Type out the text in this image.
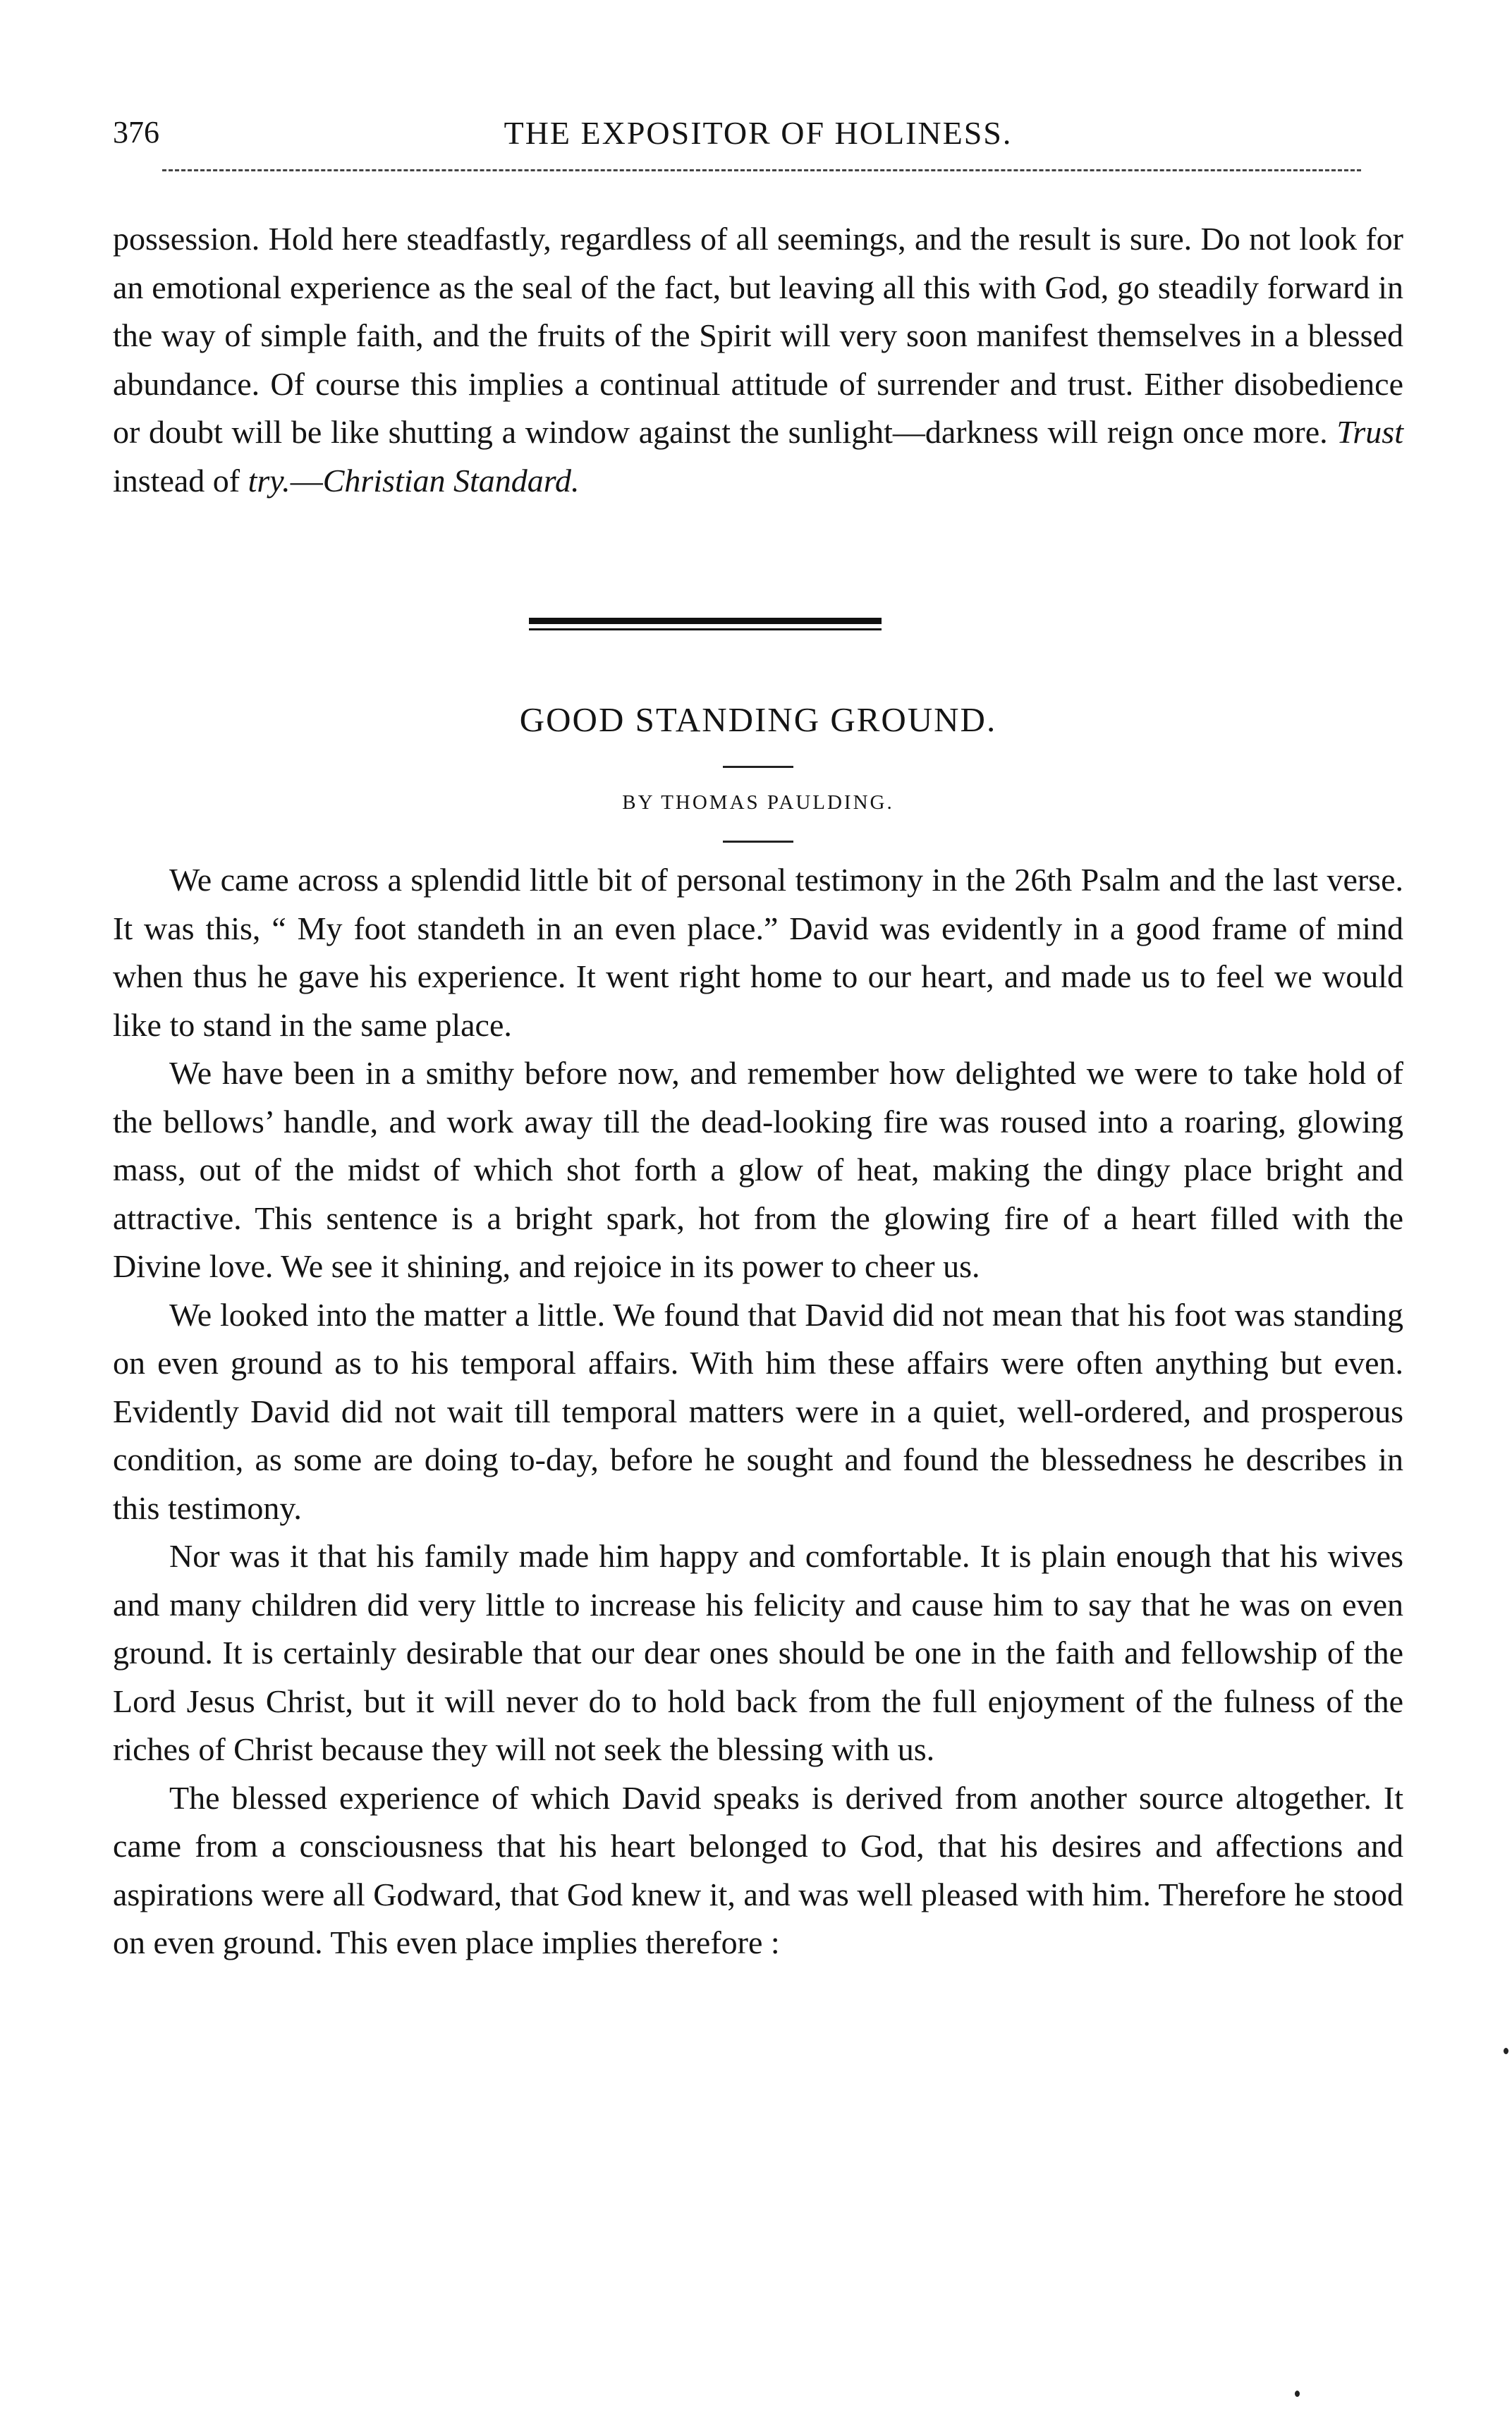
376	THE EXPOSITOR OF HOLINESS.

possession. Hold here steadfastly, regardless of all seemings, and the result is sure. Do not look for an emotional experience as the seal of the fact, but leaving all this with God, go steadily forward in the way of simple faith, and the fruits of the Spirit will very soon manifest themselves in a blessed abundance. Of course this implies a continual attitude of surrender and trust. Either disobedience or doubt will be like shutting a window against the sunlight—darkness will reign once more. Trust instead of try.—Christian Standard.

GOOD STANDING GROUND.
BY THOMAS PAULDING.

We came across a splendid little bit of personal testimony in the 26th Psalm and the last verse. It was this, “ My foot standeth in an even place.” David was evidently in a good frame of mind when thus he gave his experience. It went right home to our heart, and made us to feel we would like to stand in the same place.

We have been in a smithy before now, and remember how delighted we were to take hold of the bellows’ handle, and work away till the dead-looking fire was roused into a roaring, glowing mass, out of the midst of which shot forth a glow of heat, making the dingy place bright and attractive. This sentence is a bright spark, hot from the glowing fire of a heart filled with the Divine love. We see it shining, and rejoice in its power to cheer us.

We looked into the matter a little. We found that David did not mean that his foot was standing on even ground as to his temporal affairs. With him these affairs were often anything but even. Evidently David did not wait till temporal matters were in a quiet, well-ordered, and prosperous condition, as some are doing to-day, before he sought and found the blessedness he describes in this testimony.

Nor was it that his family made him happy and comfortable. It is plain enough that his wives and many children did very little to increase his felicity and cause him to say that he was on even ground. It is certainly desirable that our dear ones should be one in the faith and fellowship of the Lord Jesus Christ, but it will never do to hold back from the full enjoyment of the fulness of the riches of Christ because they will not seek the blessing with us.

The blessed experience of which David speaks is derived from another source altogether. It came from a consciousness that his heart belonged to God, that his desires and affections and aspirations were all Godward, that God knew it, and was well pleased with him. Therefore he stood on even ground. This even place implies therefore :
